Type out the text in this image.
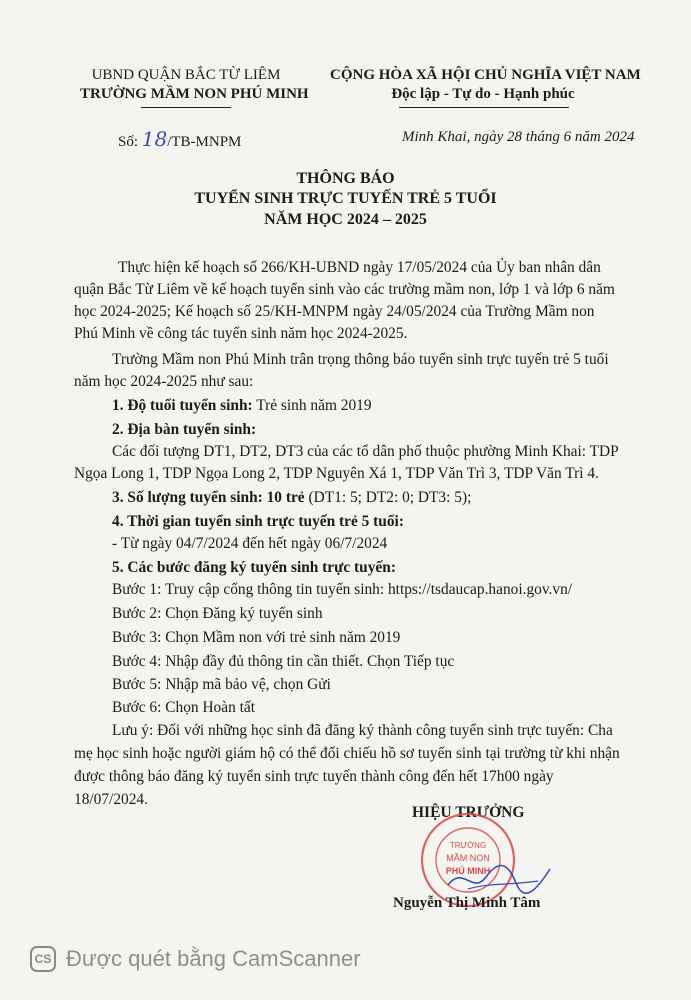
UBND QUẬN BẮC TỪ LIÊM
TRƯỜNG MẦM NON PHÚ MINH
CỘNG HÒA XÃ HỘI CHỦ NGHĨA VIỆT NAM
Độc lập - Tự do - Hạnh phúc
Số: 18/TB-MNPM	Minh Khai, ngày 28 tháng 6 năm 2024
THÔNG BÁO
TUYỂN SINH TRỰC TUYẾN TRẺ 5 TUỔI
NĂM HỌC 2024 – 2025
Thực hiện kế hoạch số 266/KH-UBND ngày 17/05/2024 của Ủy ban nhân dân
quận Bắc Từ Liêm về kế hoạch tuyển sinh vào các trường mầm non, lớp 1 và lớp 6 năm
học 2024-2025; Kế hoạch số 25/KH-MNPM ngày 24/05/2024 của Trường Mầm non
Phú Minh về công tác tuyển sinh năm học 2024-2025.
Trường Mầm non Phú Minh trân trọng thông báo tuyển sinh trực tuyến trẻ 5 tuổi
năm học 2024-2025 như sau:
1. Độ tuổi tuyển sinh: Trẻ sinh năm 2019
2. Địa bàn tuyển sinh:
Các đối tượng DT1, DT2, DT3 của các tổ dân phố thuộc phường Minh Khai: TDP
Ngọa Long 1, TDP Ngọa Long 2, TDP Nguyên Xá 1, TDP Văn Trì 3, TDP Văn Trì 4.
3. Số lượng tuyển sinh: 10 trẻ (DT1: 5; DT2: 0; DT3: 5);
4. Thời gian tuyển sinh trực tuyến trẻ 5 tuổi:
- Từ ngày 04/7/2024 đến hết ngày 06/7/2024
5. Các bước đăng ký tuyển sinh trực tuyến:
Bước 1: Truy cập cổng thông tin tuyển sinh: https://tsdaucap.hanoi.gov.vn/
Bước 2: Chọn Đăng ký tuyển sinh
Bước 3: Chọn Mầm non với trẻ sinh năm 2019
Bước 4: Nhập đầy đủ thông tin cần thiết. Chọn Tiếp tục
Bước 5: Nhập mã bảo vệ, chọn Gửi
Bước 6: Chọn Hoàn tất
Lưu ý: Đối với những học sinh đã đăng ký thành công tuyển sinh trực tuyến: Cha
mẹ học sinh hoặc người giám hộ có thể đối chiếu hồ sơ tuyển sinh tại trường từ khi nhận
được thông báo đăng ký tuyển sinh trực tuyến thành công đến hết 17h00 ngày
18/07/2024.
HIỆU TRƯỞNG
TRƯỜNG
MẦM NON
PHÚ MINH
Nguyễn Thị Minh Tâm
CS Được quét bằng CamScanner
